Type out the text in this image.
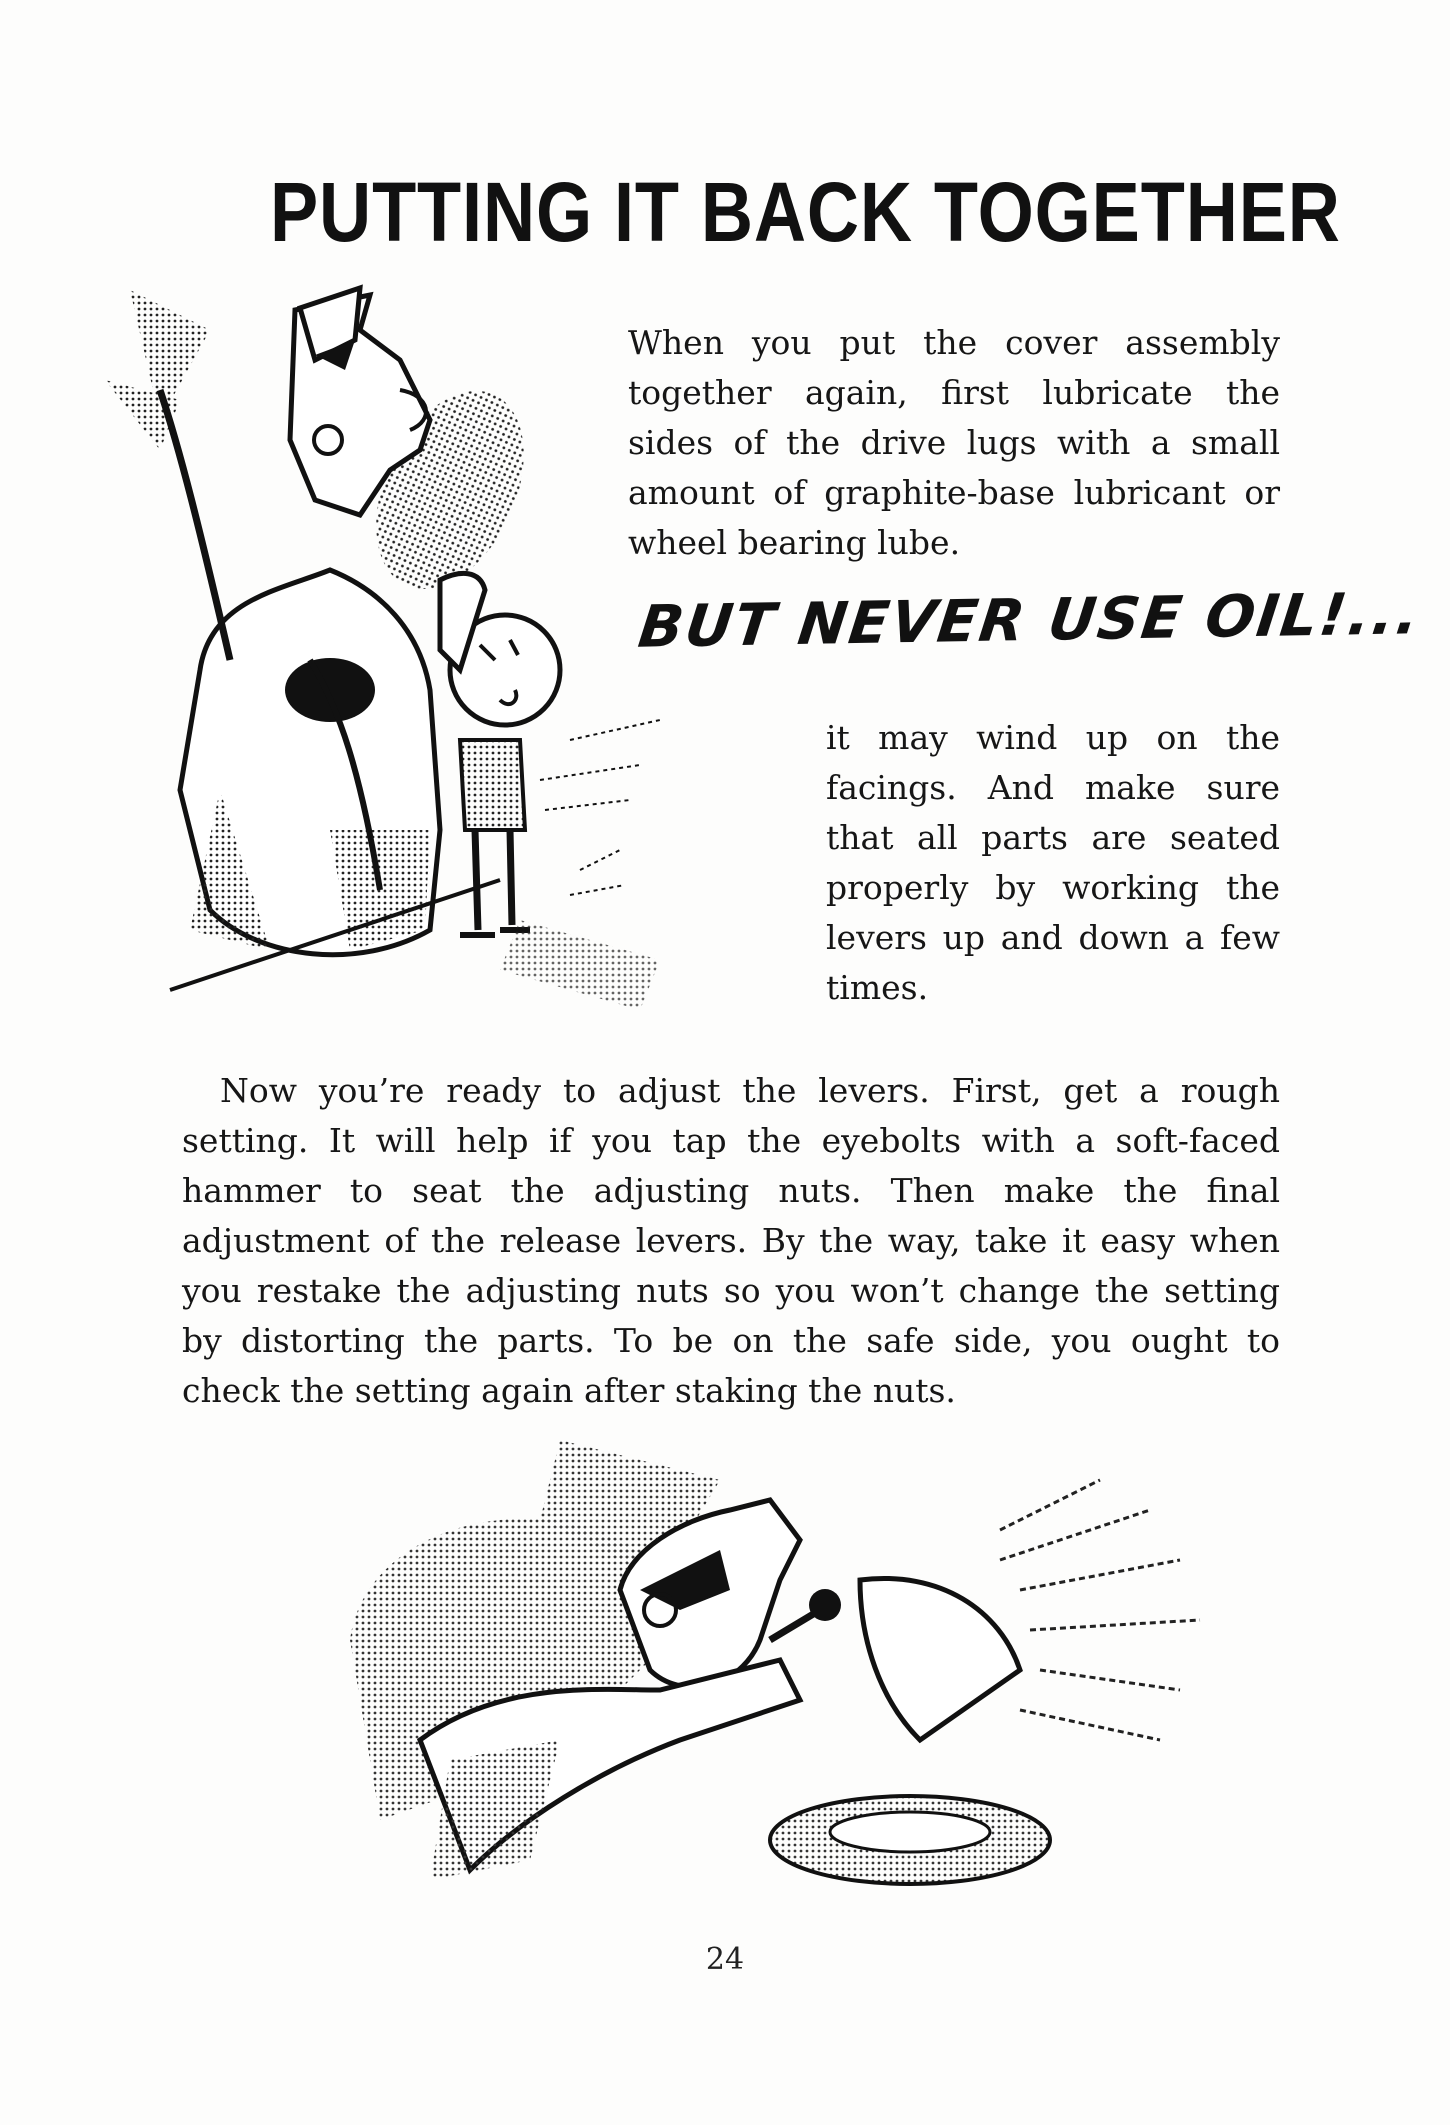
PUTTING IT BACK TOGETHER

When you put the cover assembly together again, first lubricate the sides of the drive lugs with a small amount of graphite-base lubricant or wheel bearing lube.

BUT NEVER USE OIL!...

it may wind up on the facings. And make sure that all parts are seated properly by working the levers up and down a few times.

Now you’re ready to adjust the levers. First, get a rough setting. It will help if you tap the eyebolts with a soft-faced hammer to seat the adjusting nuts. Then make the final adjustment of the release levers. By the way, take it easy when you restake the adjusting nuts so you won’t change the setting by distorting the parts. To be on the safe side, you ought to check the setting again after staking the nuts.

24
